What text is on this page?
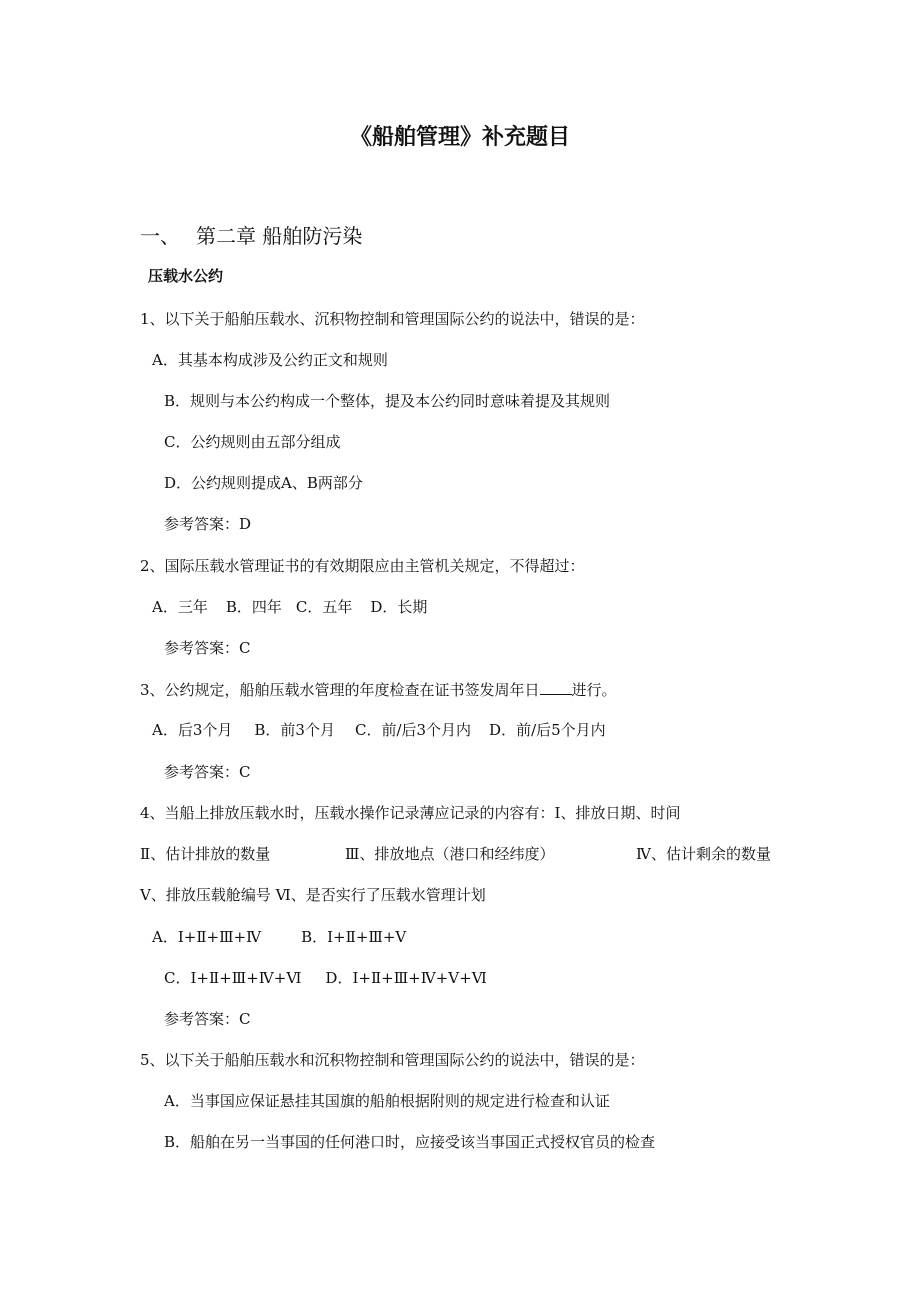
《船舶管理》补充题目
一、 第二章 船舶防污染
压载水公约
1、以下关于船舶压载水、沉积物控制和管理国际公约的说法中，错误的是：
A．其基本构成涉及公约正文和规则
B．规则与本公约构成一个整体，提及本公约同时意味着提及其规则
C．公约规则由五部分组成
D．公约规则提成A、B两部分
参考答案：D
2、国际压载水管理证书的有效期限应由主管机关规定，不得超过：
A．三年 B．四年 C．五年 D．长期
参考答案：C
3、公约规定，船舶压载水管理的年度检查在证书签发周年日 进行。
A．后3个月 B．前3个月 C．前/后3个月内 D．前/后5个月内
参考答案：C
4、当船上排放压载水时，压载水操作记录薄应记录的内容有：Ⅰ、排放日期、时间
Ⅱ、估计排放的数量	Ⅲ、排放地点（港口和经纬度）	Ⅳ、估计剩余的数量
Ⅴ、排放压载舱编号 Ⅵ、是否实行了压载水管理计划
A．Ⅰ+Ⅱ+Ⅲ+Ⅳ	B．Ⅰ+Ⅱ+Ⅲ+Ⅴ
C．Ⅰ+Ⅱ+Ⅲ+Ⅳ+Ⅵ D．Ⅰ+Ⅱ+Ⅲ+Ⅳ+Ⅴ+Ⅵ
参考答案：C
5、以下关于船舶压载水和沉积物控制和管理国际公约的说法中，错误的是：
A．当事国应保证悬挂其国旗的船舶根据附则的规定进行检查和认证
B．船舶在另一当事国的任何港口时，应接受该当事国正式授权官员的检查
